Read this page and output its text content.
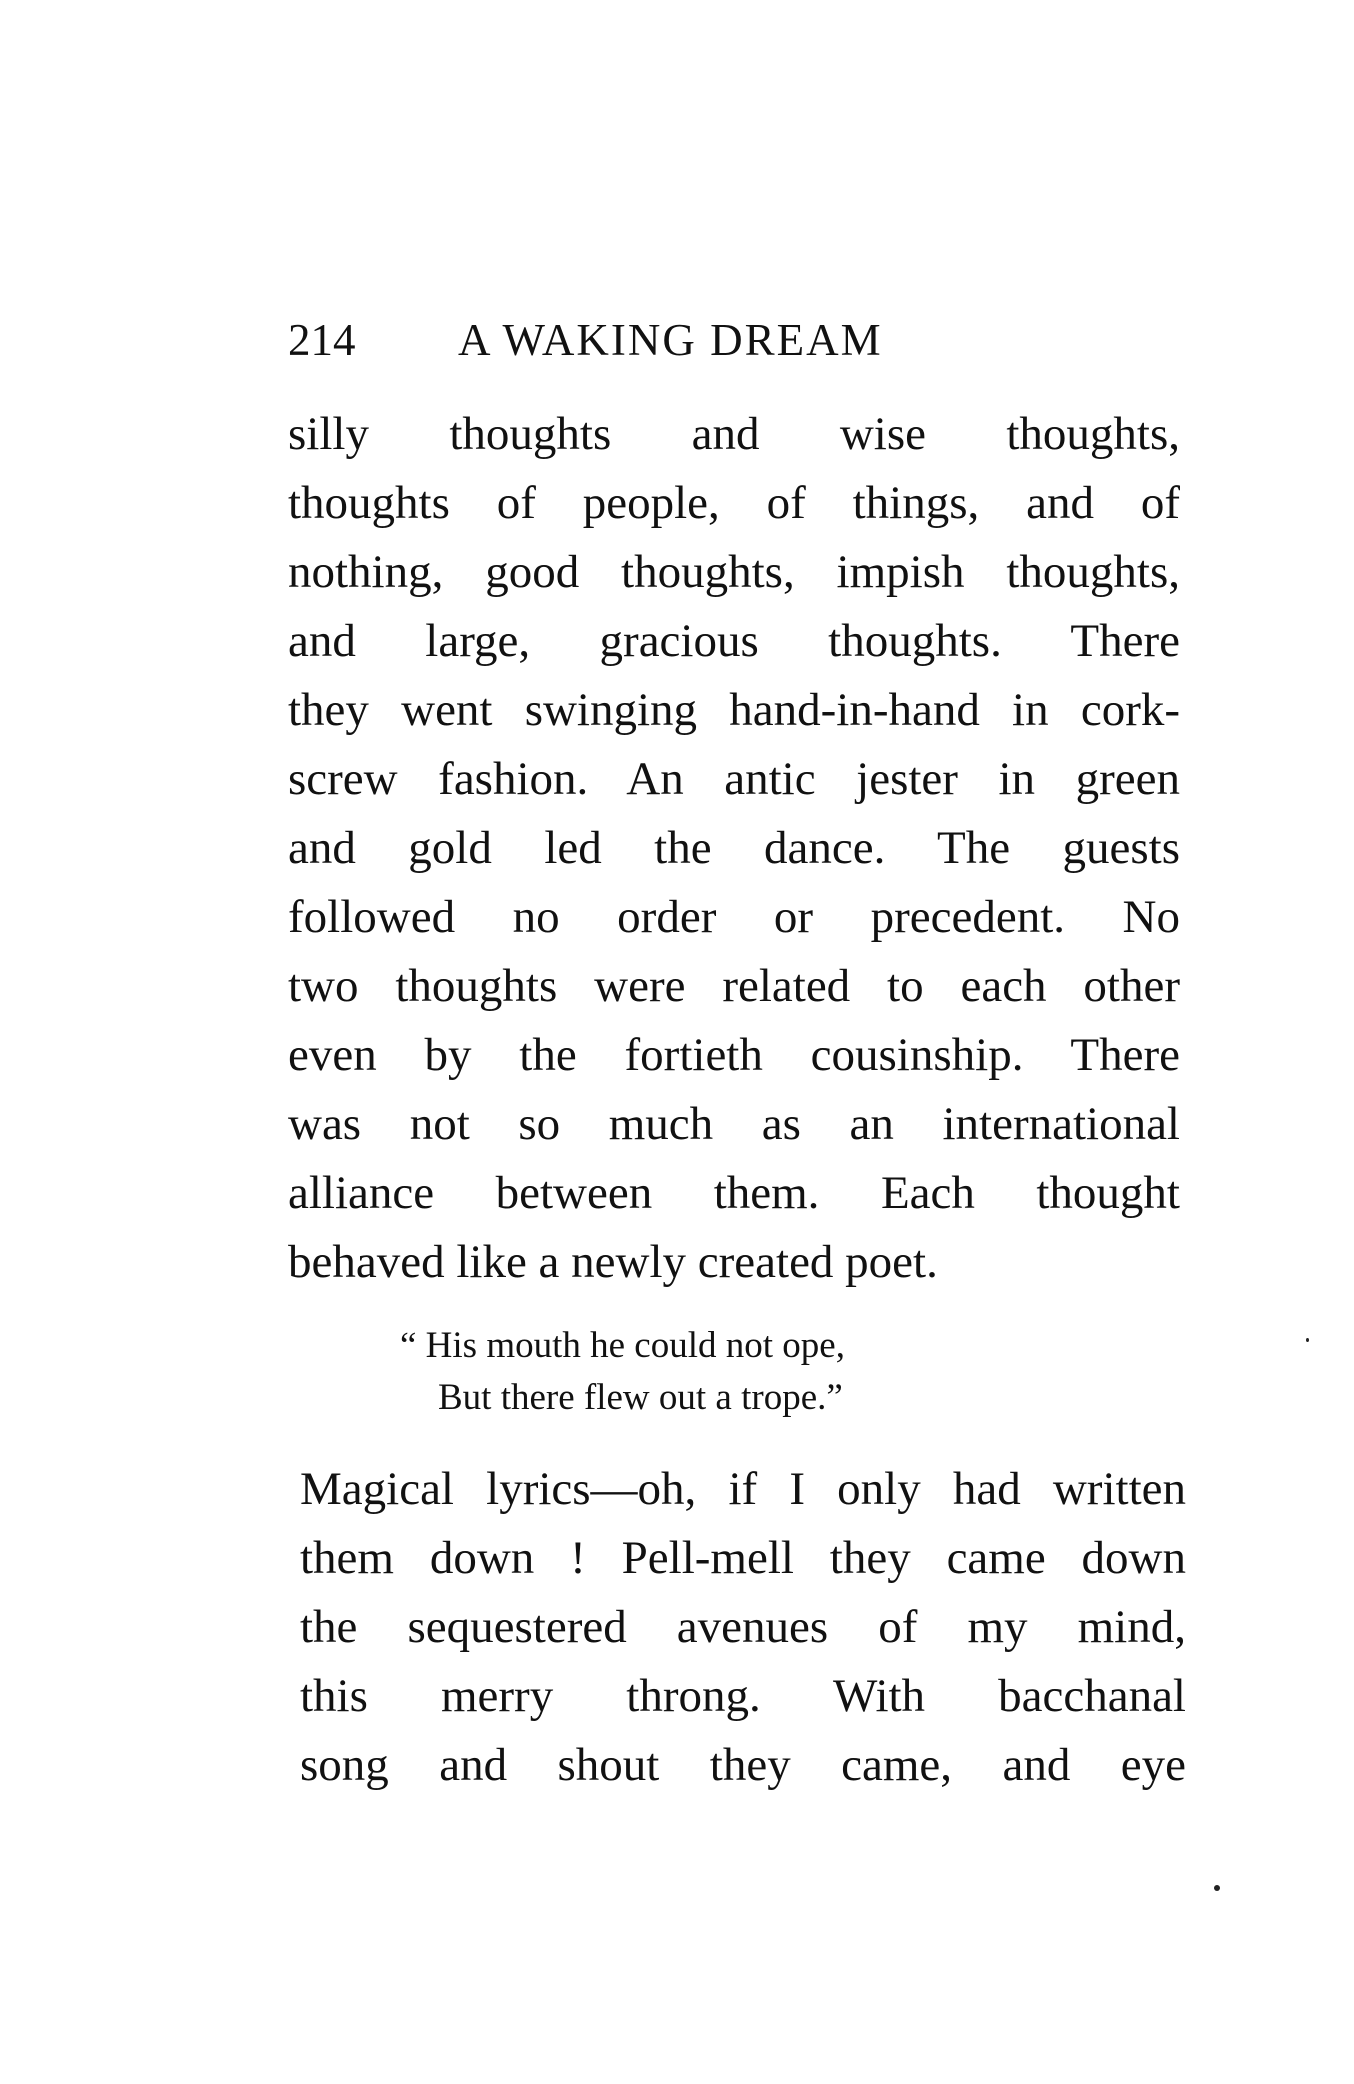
214 A WAKING DREAM
silly thoughts and wise thoughts,
thoughts of people, of things, and of
nothing, good thoughts, impish thoughts,
and large, gracious thoughts. There
they went swinging hand-in-hand in cork-
screw fashion. An antic jester in green
and gold led the dance. The guests
followed no order or precedent. No
two thoughts were related to each other
even by the fortieth cousinship. There
was not so much as an international
alliance between them. Each thought
behaved like a newly created poet.
“ His mouth he could not ope,
But there flew out a trope.”
Magical lyrics—oh, if I only had written
them down ! Pell-mell they came down
the sequestered avenues of my mind,
this merry throng. With bacchanal
song and shout they came, and eye
